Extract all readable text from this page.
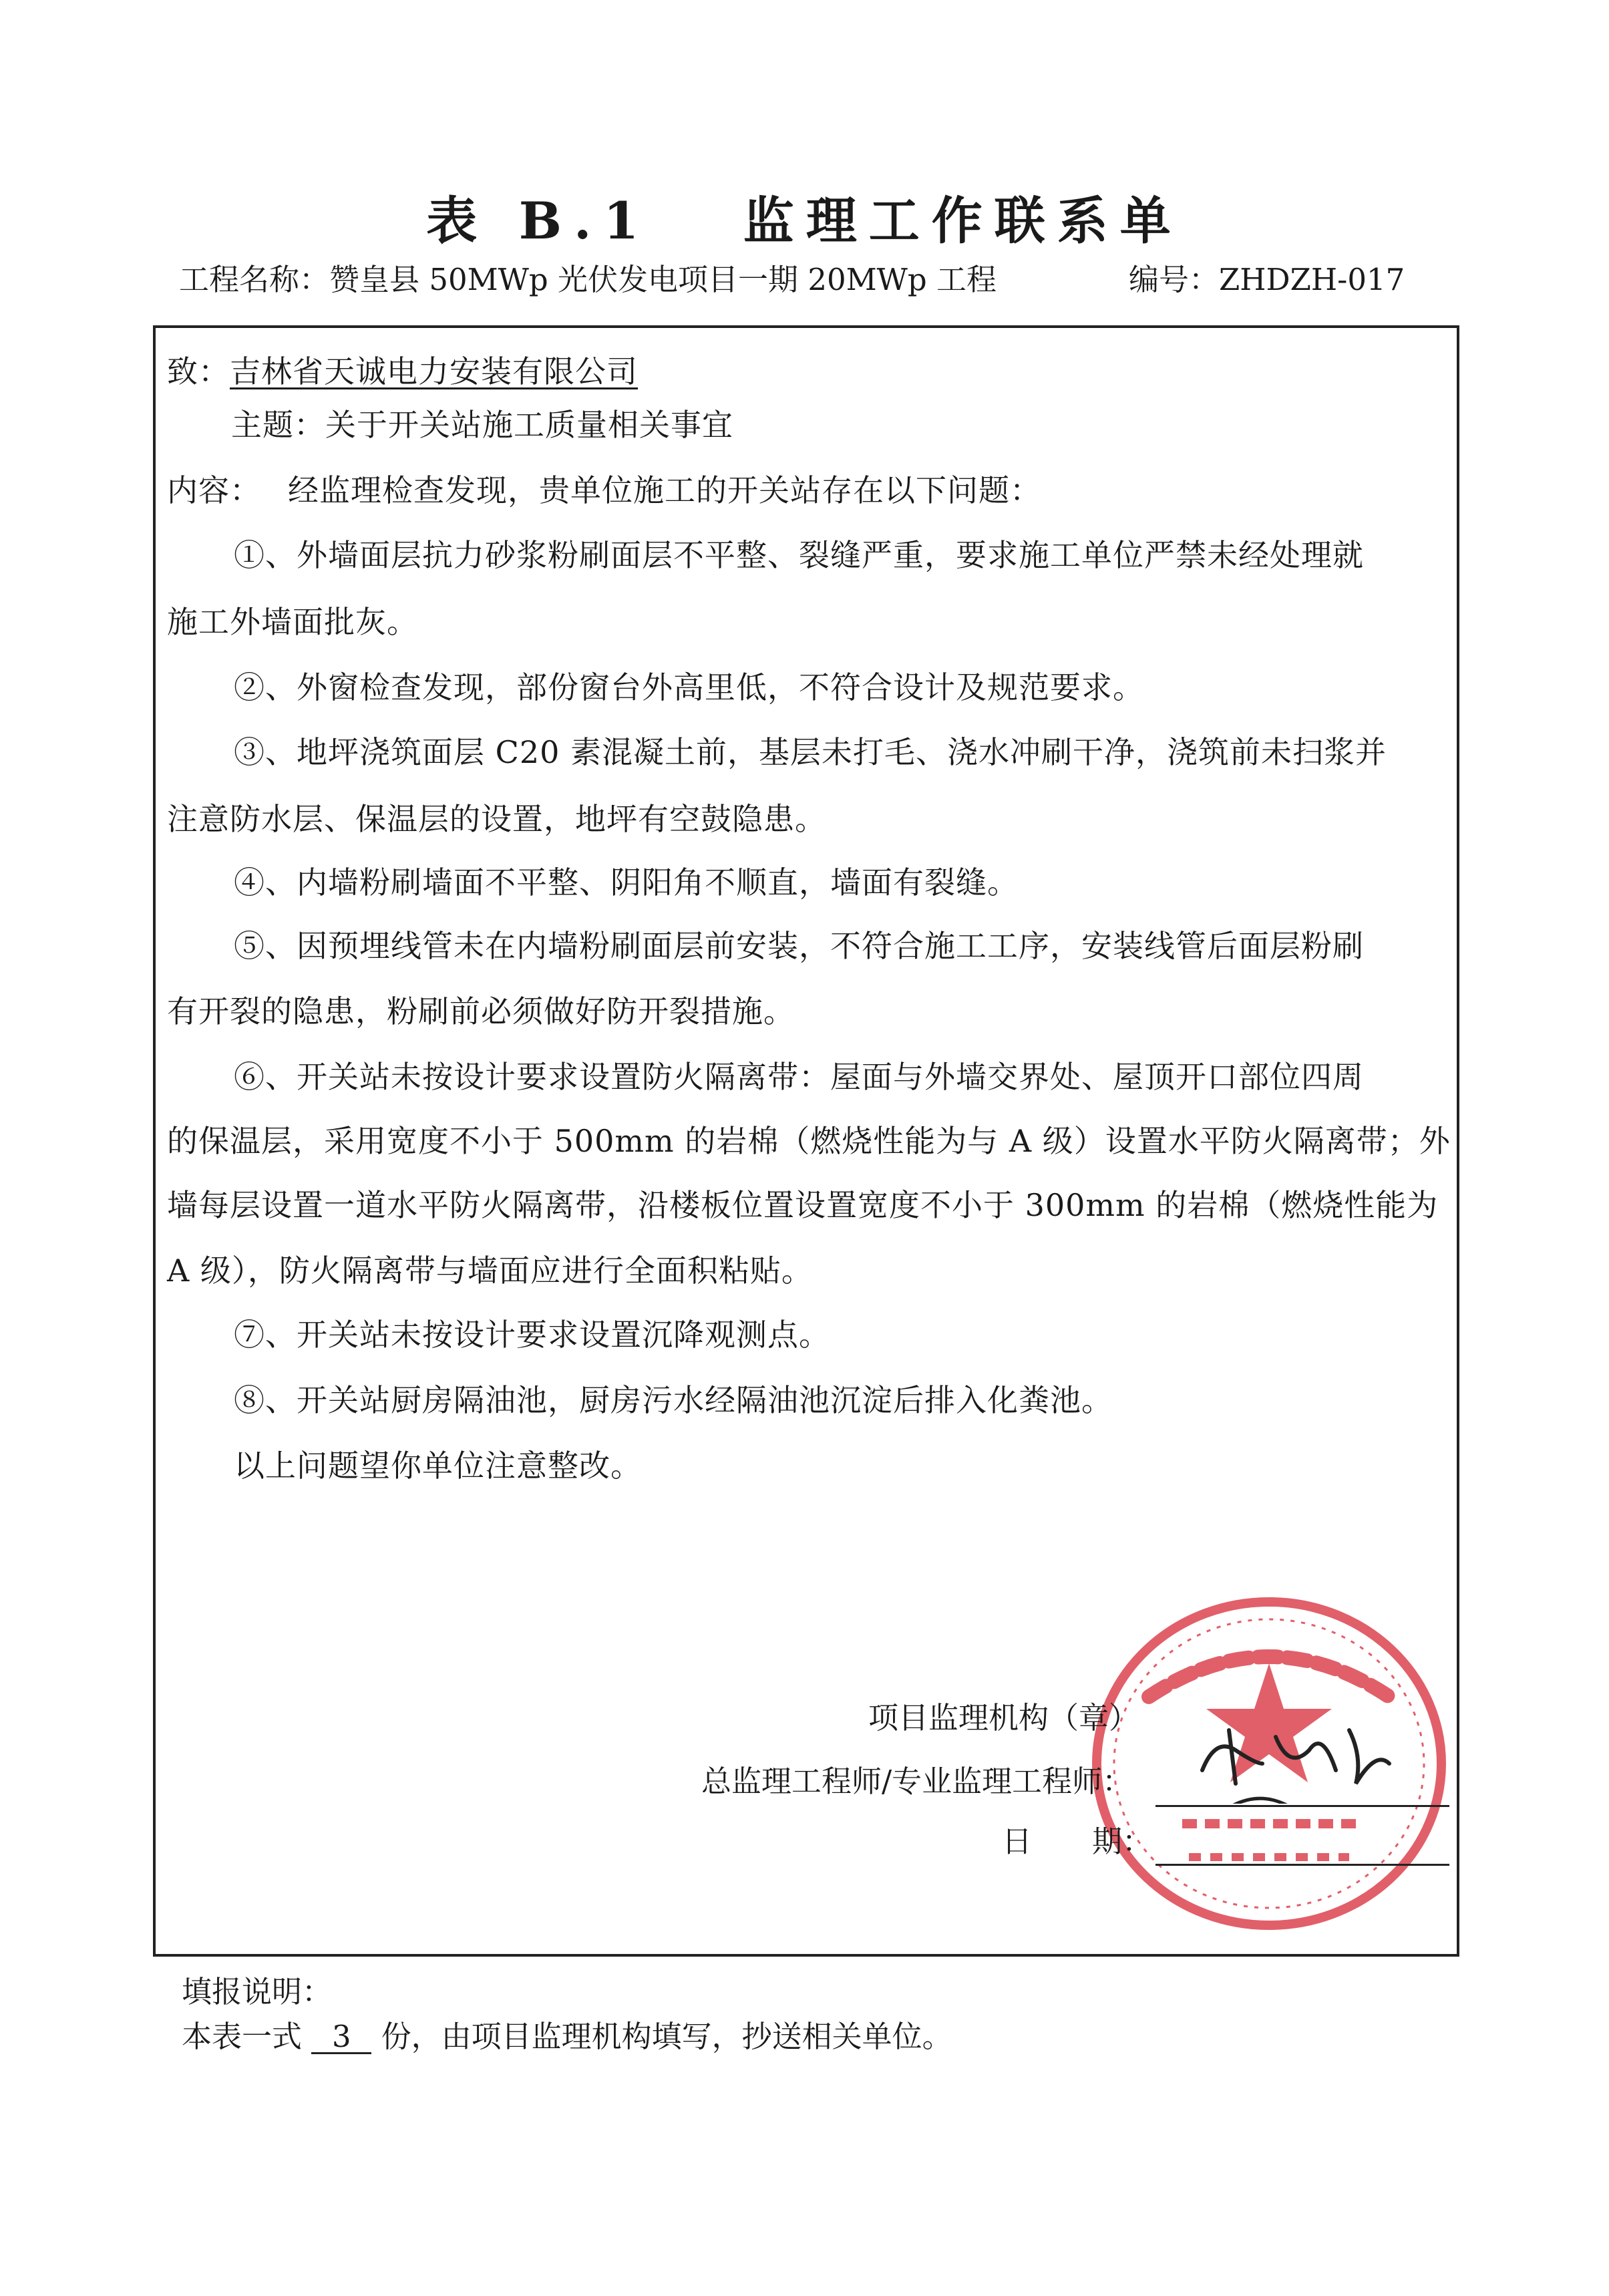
表 B.1　 监理工作联系单
工程名称：赞皇县 50MWp 光伏发电项目一期 20MWp 工程	编号：ZHDZH-017
致：吉林省天诚电力安装有限公司
主题：关于开关站施工质量相关事宜
内容： 经监理检查发现，贵单位施工的开关站存在以下问题：
①、外墙面层抗力砂浆粉刷面层不平整、裂缝严重，要求施工单位严禁未经处理就
施工外墙面批灰。
②、外窗检查发现，部份窗台外高里低，不符合设计及规范要求。
③、地坪浇筑面层 C20 素混凝土前，基层未打毛、浇水冲刷干净，浇筑前未扫浆并
注意防水层、保温层的设置，地坪有空鼓隐患。
④、内墙粉刷墙面不平整、阴阳角不顺直，墙面有裂缝。
⑤、因预埋线管未在内墙粉刷面层前安装，不符合施工工序，安装线管后面层粉刷
有开裂的隐患，粉刷前必须做好防开裂措施。
⑥、开关站未按设计要求设置防火隔离带：屋面与外墙交界处、屋顶开口部位四周
的保温层，采用宽度不小于 500mm 的岩棉（燃烧性能为与 A 级）设置水平防火隔离带；外
墙每层设置一道水平防火隔离带，沿楼板位置设置宽度不小于 300mm 的岩棉（燃烧性能为
A 级），防火隔离带与墙面应进行全面积粘贴。
⑦、开关站未按设计要求设置沉降观测点。
⑧、开关站厨房隔油池，厨房污水经隔油池沉淀后排入化粪池。
以上问题望你单位注意整改。
项目监理机构（章）
总监理工程师/专业监理工程师：
日　　期：
填报说明：
本表一式 3 份，由项目监理机构填写，抄送相关单位。
